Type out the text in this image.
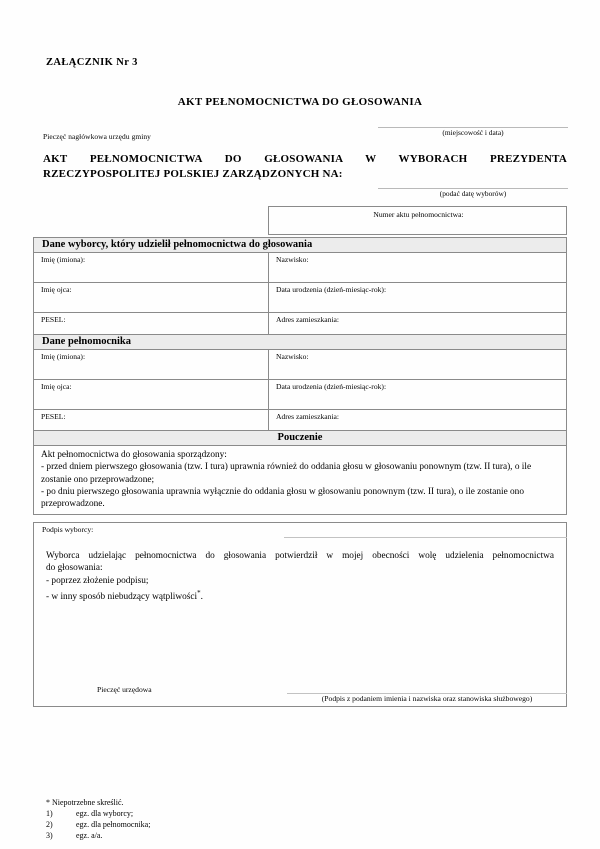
ZAŁĄCZNIK Nr 3
AKT PEŁNOMOCNICTWA DO GŁOSOWANIA
Pieczęć nagłówkowa urzędu gminy	(miejscowość i data)
AKT PEŁNOMOCNICTWA DO GŁOSOWANIA W WYBORACH PREZYDENTA
RZECZYPOSPOLITEJ POLSKIEJ ZARZĄDZONYCH NA:
(podać datę wyborów)
Numer aktu pełnomocnictwa:
Dane wyborcy, który udzielił pełnomocnictwa do głosowania
Imię (imiona):	Nazwisko:
Imię ojca:	Data urodzenia (dzień-miesiąc-rok):
PESEL:	Adres zamieszkania:
Dane pełnomocnika
Imię (imiona):	Nazwisko:
Imię ojca:	Data urodzenia (dzień-miesiąc-rok):
PESEL:	Adres zamieszkania:
Pouczenie

Akt pełnomocnictwa do głosowania sporządzony:

- przed dniem pierwszego głosowania (tzw. I tura) uprawnia również do oddania głosu w głosowaniu ponownym (tzw. II tura), o ile zostanie ono przeprowadzone;

- po dniu pierwszego głosowania uprawnia wyłącznie do oddania głosu w głosowaniu ponownym (tzw. II tura), o ile zostanie ono przeprowadzone.

Podpis wyborcy:

Wyborca udzielając pełnomocnictwa do głosowania potwierdził w mojej obecności wolę udzielenia pełnomocnictwa

do głosowania:

- poprzez złożenie podpisu;

- w inny sposób niebudzący wątpliwości*.

Pieczęć urzędowa
(Podpis z podaniem imienia i nazwiska oraz stanowiska służbowego)
* Niepotrzebne skreślić.
egz. dla wyborcy;
egz. dla pełnomocnika;
egz. a/a.
